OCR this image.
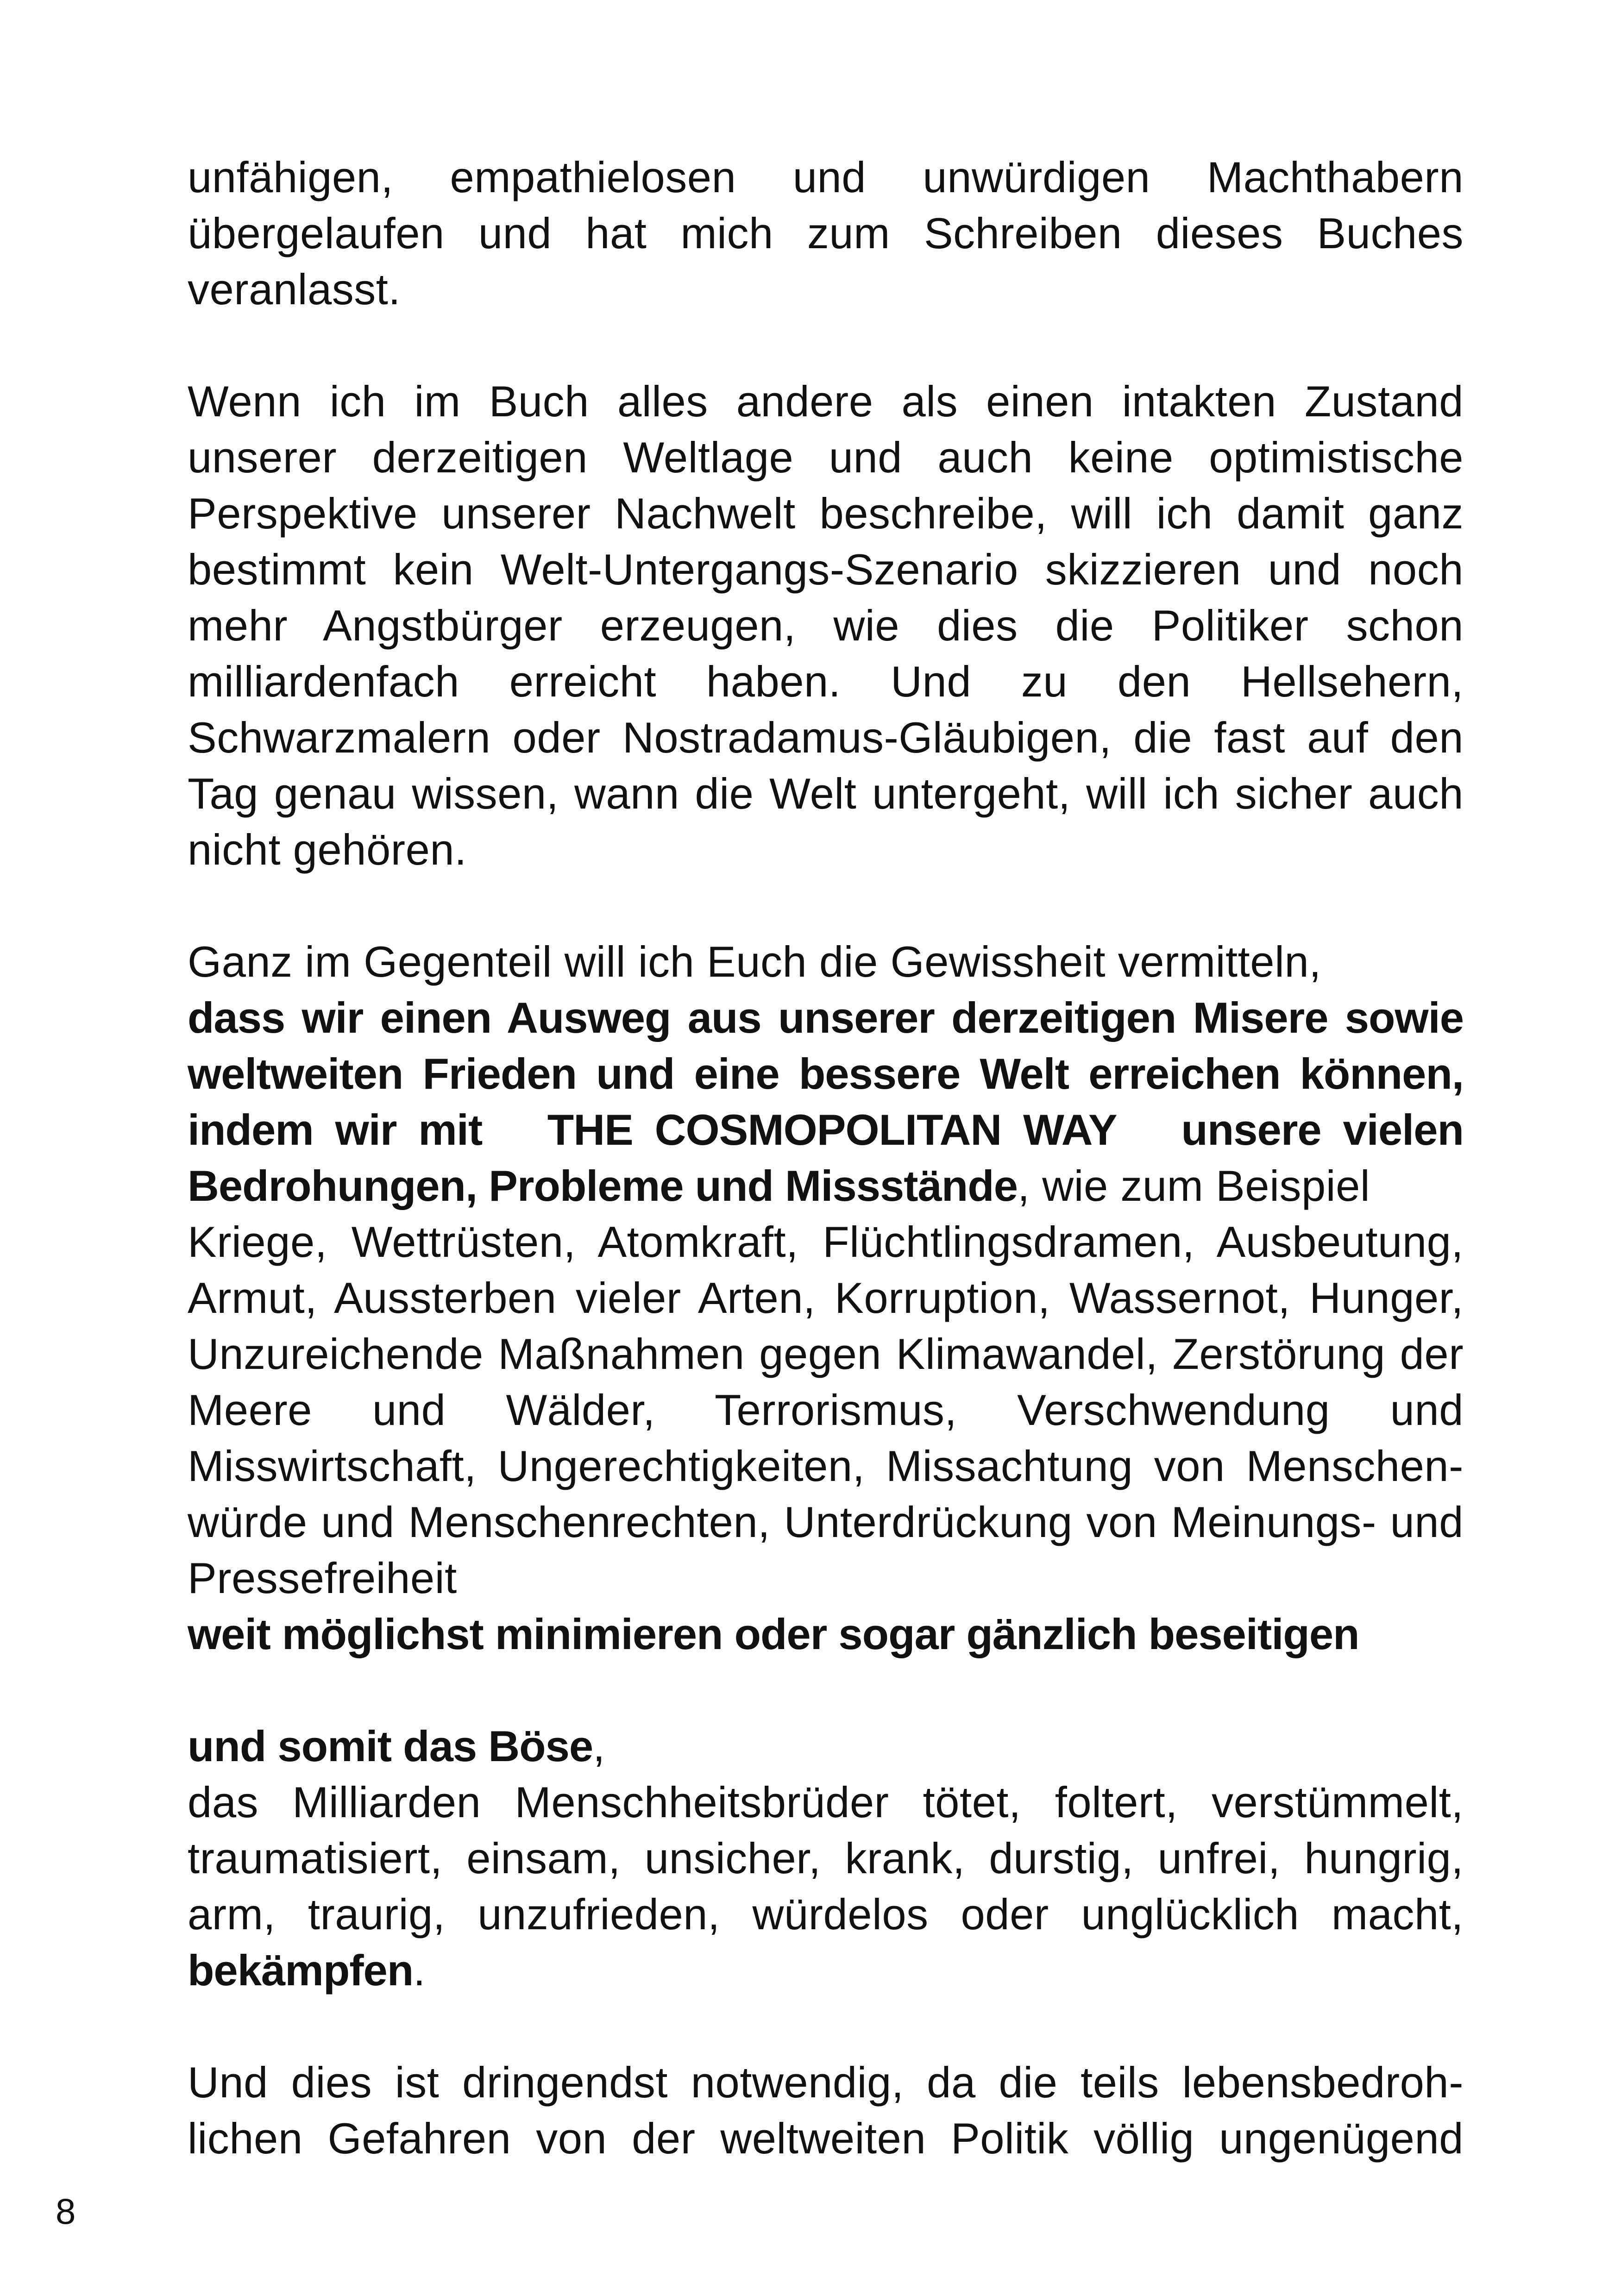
unfähigen, empathielosen und unwürdigen Machthabern
übergelaufen und hat mich zum Schreiben dieses Buches
veranlasst.
Wenn ich im Buch alles andere als einen intakten Zustand
unserer derzeitigen Weltlage und auch keine optimistische
Perspektive unserer Nachwelt beschreibe, will ich damit ganz
bestimmt kein Welt-Untergangs-Szenario skizzieren und noch
mehr Angstbürger erzeugen, wie dies die Politiker schon
milliardenfach erreicht haben. Und zu den Hellsehern,
Schwarzmalern oder Nostradamus-Gläubigen, die fast auf den
Tag genau wissen, wann die Welt untergeht, will ich sicher auch
nicht gehören.
Ganz im Gegenteil will ich Euch die Gewissheit vermitteln,
dass wir einen Ausweg aus unserer derzeitigen Misere sowie
weltweiten Frieden und eine bessere Welt erreichen können,
indem wir mit   THE COSMOPOLITAN WAY   unsere vielen
Bedrohungen, Probleme und Missstände, wie zum Beispiel
Kriege, Wettrüsten, Atomkraft, Flüchtlingsdramen, Ausbeutung,
Armut, Aussterben vieler Arten, Korruption, Wassernot, Hunger,
Unzureichende Maßnahmen gegen Klimawandel, Zerstörung der
Meere und Wälder, Terrorismus, Verschwendung und
Misswirtschaft, Ungerechtigkeiten, Missachtung von Menschen-
würde und Menschenrechten, Unterdrückung von Meinungs- und
Pressefreiheit
weit möglichst minimieren oder sogar gänzlich beseitigen
und somit das Böse,
das Milliarden Menschheitsbrüder tötet, foltert, verstümmelt,
traumatisiert, einsam, unsicher, krank, durstig, unfrei, hungrig,
arm, traurig, unzufrieden, würdelos oder unglücklich macht,
bekämpfen.
Und dies ist dringendst notwendig, da die teils lebensbedroh-
lichen Gefahren von der weltweiten Politik völlig ungenügend
8
